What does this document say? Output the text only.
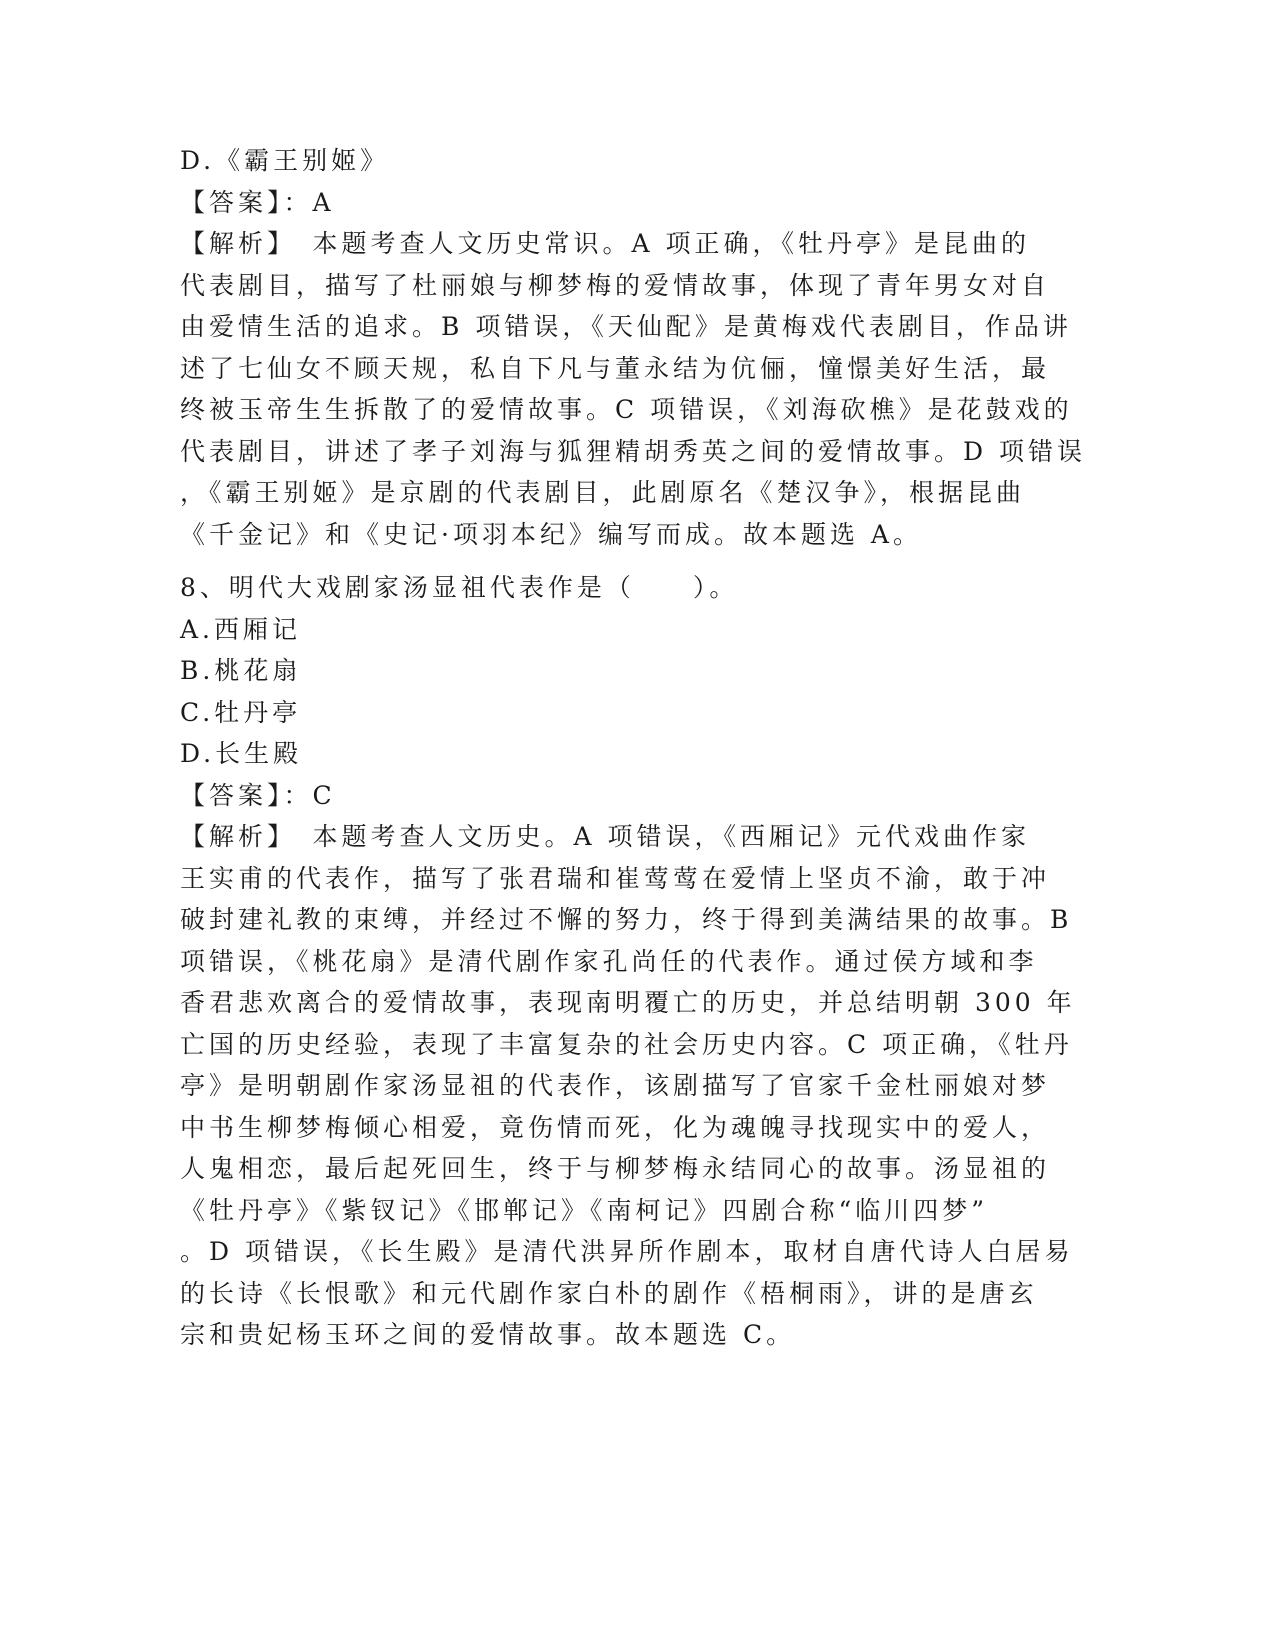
D.《霸王别姬》
【答案】：A
【解析】　本题考查人文历史常识。A 项正确，《牡丹亭》是昆曲的
代表剧目，描写了杜丽娘与柳梦梅的爱情故事，体现了青年男女对自
由爱情生活的追求。B 项错误，《天仙配》是黄梅戏代表剧目，作品讲
述了七仙女不顾天规，私自下凡与董永结为伉俪，憧憬美好生活，最
终被玉帝生生拆散了的爱情故事。C 项错误，《刘海砍樵》是花鼓戏的
代表剧目，讲述了孝子刘海与狐狸精胡秀英之间的爱情故事。D 项错误
，《霸王别姬》是京剧的代表剧目，此剧原名《楚汉争》，根据昆曲
《千金记》和《史记·项羽本纪》编写而成。故本题选 A。
8、明代大戏剧家汤显祖代表作是（　　）。
A.西厢记
B.桃花扇
C.牡丹亭
D.长生殿
【答案】：C
【解析】　本题考查人文历史。A 项错误，《西厢记》元代戏曲作家
王实甫的代表作，描写了张君瑞和崔莺莺在爱情上坚贞不渝，敢于冲
破封建礼教的束缚，并经过不懈的努力，终于得到美满结果的故事。B
项错误，《桃花扇》是清代剧作家孔尚任的代表作。通过侯方域和李
香君悲欢离合的爱情故事，表现南明覆亡的历史，并总结明朝 300 年
亡国的历史经验，表现了丰富复杂的社会历史内容。C 项正确，《牡丹
亭》是明朝剧作家汤显祖的代表作，该剧描写了官家千金杜丽娘对梦
中书生柳梦梅倾心相爱，竟伤情而死，化为魂魄寻找现实中的爱人，
人鬼相恋，最后起死回生，终于与柳梦梅永结同心的故事。汤显祖的
《牡丹亭》《紫钗记》《邯郸记》《南柯记》四剧合称“临川四梦”
。D 项错误，《长生殿》是清代洪昇所作剧本，取材自唐代诗人白居易
的长诗《长恨歌》和元代剧作家白朴的剧作《梧桐雨》，讲的是唐玄
宗和贵妃杨玉环之间的爱情故事。故本题选 C。
